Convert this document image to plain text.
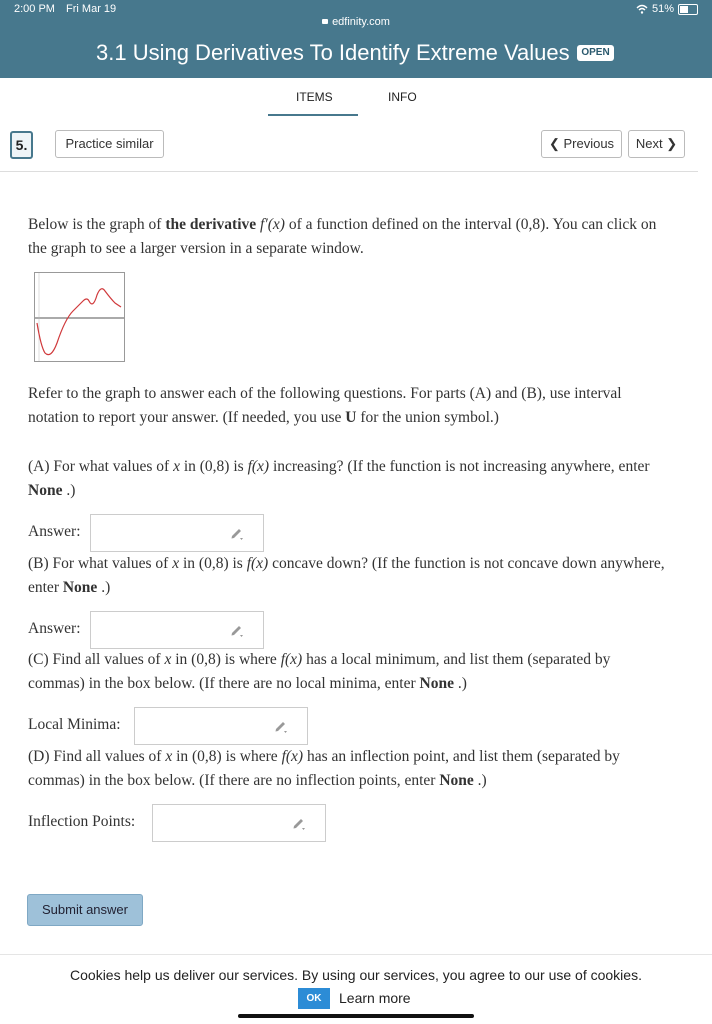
2:00 PM Fri Mar 19	51%
edfinity.com
3.1 Using Derivatives To Identify Extreme Values	OPEN
ITEMS	INFO
5.	Practice similar	❮ Previous	Next ❯
Below is the graph of the derivative f′(x) of a function defined on the interval (0,8). You can click on the graph to see a larger version in a separate window.
Refer to the graph to answer each of the following questions. For parts (A) and (B), use interval notation to report your answer. (If needed, you use U for the union symbol.)
(A) For what values of x in (0,8) is f(x) increasing? (If the function is not increasing anywhere, enter None .)
Answer:
(B) For what values of x in (0,8) is f(x) concave down? (If the function is not concave down anywhere, enter None .)
Answer:
(C) Find all values of x in (0,8) is where f(x) has a local minimum, and list them (separated by commas) in the box below. (If there are no local minima, enter None .)
Local Minima:
(D) Find all values of x in (0,8) is where f(x) has an inflection point, and list them (separated by commas) in the box below. (If there are no inflection points, enter None .)
Inflection Points:
Submit answer
Cookies help us deliver our services. By using our services, you agree to our use of cookies.
OK	Learn more
